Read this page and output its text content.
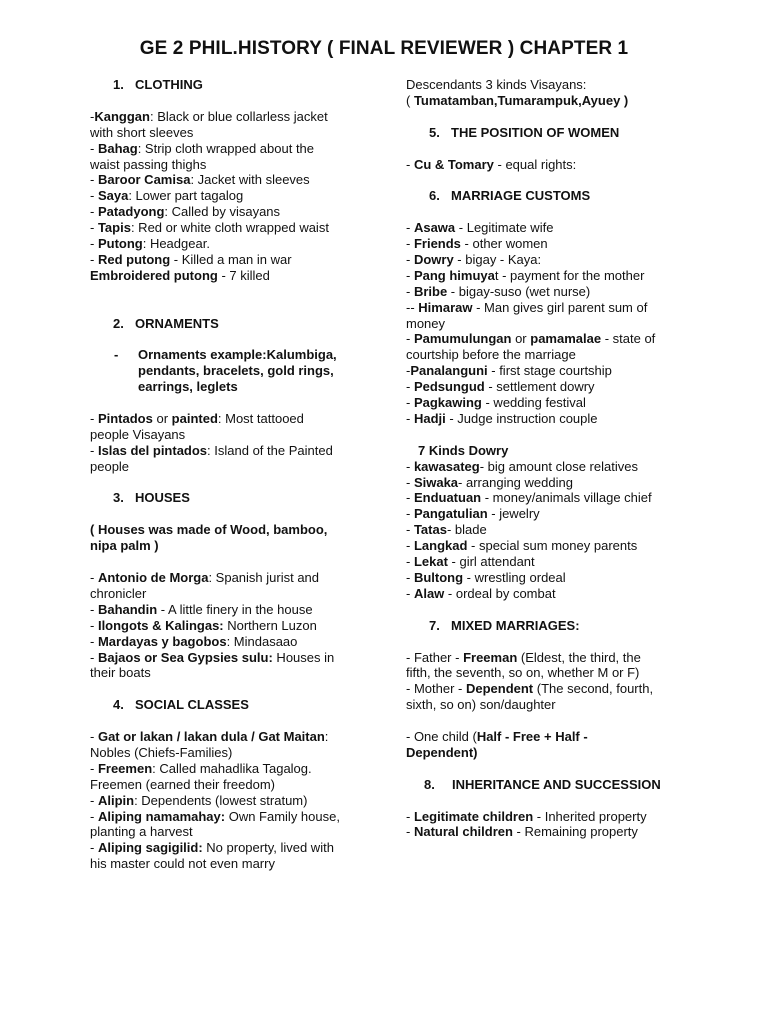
GE 2 PHIL.HISTORY ( FINAL REVIEWER ) CHAPTER 1
1. CLOTHING
-Kanggan: Black or blue collarless jacket
with short sleeves
- Bahag: Strip cloth wrapped about the
waist passing thighs
- Baroor Camisa: Jacket with sleeves
- Saya: Lower part tagalog
- Patadyong: Called by visayans
- Tapis: Red or white cloth wrapped waist
- Putong: Headgear.
- Red putong - Killed a man in war
Embroidered putong - 7 killed
2. ORNAMENTS
-	Ornaments example:Kalumbiga,
pendants, bracelets, gold rings,
earrings, leglets
- Pintados or painted: Most tattooed
people Visayans
- Islas del pintados: Island of the Painted
people
3. HOUSES
( Houses was made of Wood, bamboo,
nipa palm )
- Antonio de Morga: Spanish jurist and
chronicler
- Bahandin - A little finery in the house
- Ilongots & Kalingas: Northern Luzon
- Mardayas y bagobos: Mindasaao
- Bajaos or Sea Gypsies sulu: Houses in
their boats
4. SOCIAL CLASSES
- Gat or lakan / lakan dula / Gat Maitan:
Nobles (Chiefs-Families)
- Freemen: Called mahadlika Tagalog.
Freemen (earned their freedom)
- Alipin: Dependents (lowest stratum)
- Aliping namamahay: Own Family house,
planting a harvest
- Aliping sagigilid: No property, lived with
his master could not even marry
Descendants 3 kinds Visayans:
( Tumatamban,Tumarampuk,Ayuey )
5. THE POSITION OF WOMEN
- Cu & Tomary - equal rights:
6. MARRIAGE CUSTOMS
- Asawa - Legitimate wife
- Friends - other women
- Dowry - bigay - Kaya:
- Pang himuyat - payment for the mother
- Bribe - bigay-suso (wet nurse)
-- Himaraw - Man gives girl parent sum of
money
- Pamumulungan or pamamalae - state of
courtship before the marriage
-Panalanguni - first stage courtship
- Pedsungud - settlement dowry
- Pagkawing - wedding festival
- Hadji - Judge instruction couple
7 Kinds Dowry
- kawasateg- big amount close relatives
- Siwaka- arranging wedding
- Enduatuan - money/animals village chief
- Pangatulian - jewelry
- Tatas- blade
- Langkad - special sum money parents
- Lekat - girl attendant
- Bultong - wrestling ordeal
- Alaw - ordeal by combat
7. MIXED MARRIAGES:
- Father - Freeman (Eldest, the third, the
fifth, the seventh, so on, whether M or F)
- Mother - Dependent (The second, fourth,
sixth, so on) son/daughter
- One child (Half - Free + Half -
Dependent)
8. INHERITANCE AND SUCCESSION
- Legitimate children - Inherited property
- Natural children - Remaining property
